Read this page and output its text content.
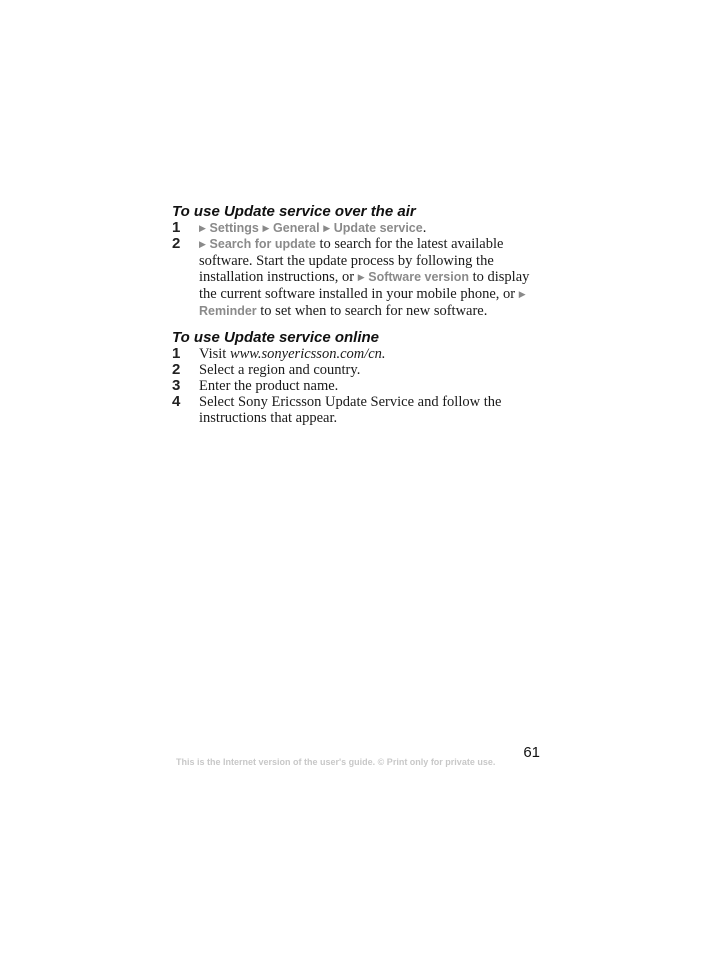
To use Update service over the air
1	▶ Settings ▶ General ▶ Update service.
2	▶ Search for update to search for the latest available software. Start the update process by following the installation instructions, or ▶ Software version to display the current software installed in your mobile phone, or ▶ Reminder to set when to search for new software.
To use Update service online
1	Visit www.sonyericsson.com/cn.
2	Select a region and country.
3	Enter the product name.
4	Select Sony Ericsson Update Service and follow the instructions that appear.
61
This is the Internet version of the user's guide. © Print only for private use.
